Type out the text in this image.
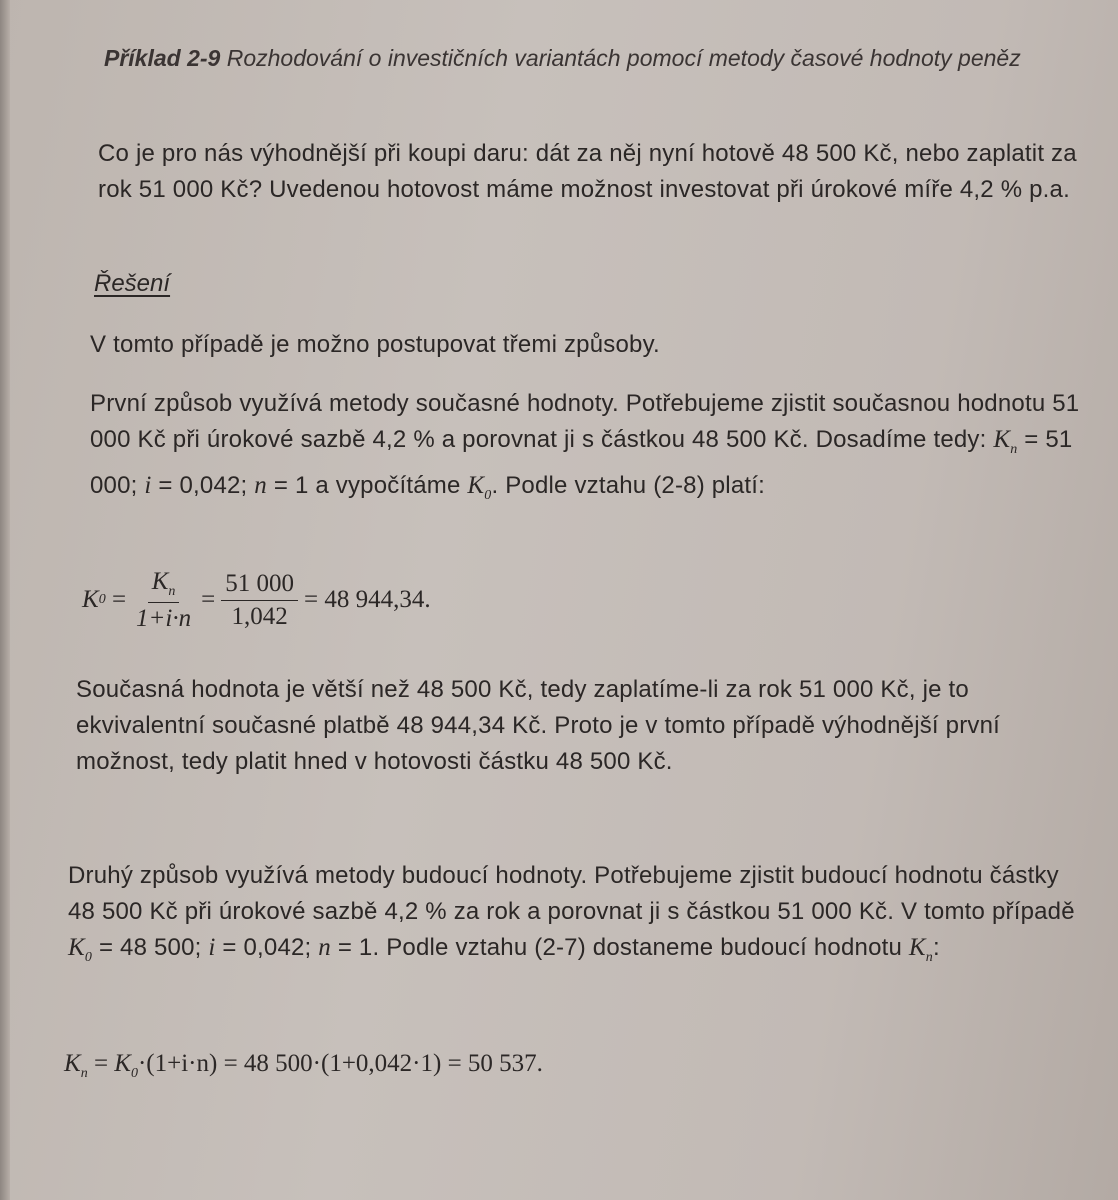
Příklad 2-9 Rozhodování o investičních variantách pomocí metody časové hodnoty peněz
Co je pro nás výhodnější při koupi daru: dát za něj nyní hotově 48 500 Kč, nebo zaplatit za rok 51 000 Kč? Uvedenou hotovost máme možnost investovat při úrokové míře 4,2 % p.a.
Řešení
V tomto případě je možno postupovat třemi způsoby.
První způsob využívá metody současné hodnoty. Potřebujeme zjistit současnou hodnotu 51 000 Kč při úrokové sazbě 4,2 % a porovnat ji s částkou 48 500 Kč. Dosadíme tedy: $K_n = 51$ 000; i = 0,042; n = 1 a vypočítáme $K_0$. Podle vztahu (2-8) platí:
K $0 = \frac{K_n}{1+i\cdot n} = \frac{51 000}{1,042} = 48$ 944,34.
Současná hodnota je větší než 48 500 Kč, tedy zaplatíme-li za rok 51 000 Kč, je to ekvivalentní současné platbě 48 944,34 Kč. Proto je v tomto případě výhodnější první možnost, tedy platit hned v hotovosti částku 48 500 Kč.
Druhý způsob využívá metody budoucí hodnoty. Potřebujeme zjistit budoucí hodnotu částky 48 500 Kč při úrokové sazbě 4,2 % za rok a porovnat ji s částkou 51 000 Kč. V tomto případě $K_0 = 48$ 500; i = 0,042; n = 1. Podle vztahu (2-7) dostaneme budoucí hodnotu $K_n$:
$K_n = K_0\cdot(1+i\cdot n) = 48$ 500·(1+0,042·1) = 50 537.
